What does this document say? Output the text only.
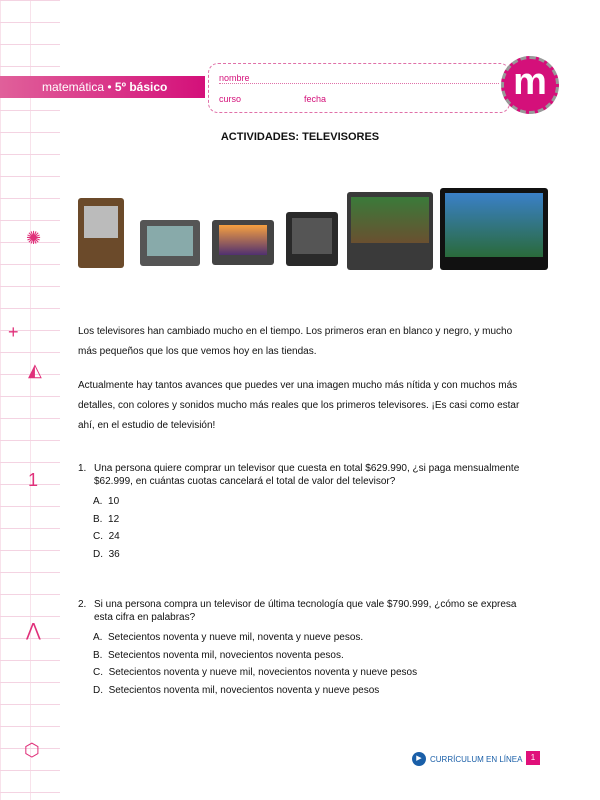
✺
+
◭
1
⋀
⬡
matemática • 5º básico
nombre
curso	fecha	m
ACTIVIDADES: TELEVISORES
Los televisores han cambiado mucho en el tiempo. Los primeros eran en blanco y negro, y mucho más pequeños que los que vemos hoy en las tiendas.
Actualmente hay tantos avances que puedes ver una imagen mucho más nítida y con muchos más detalles, con colores y sonidos mucho más reales que los primeros televisores. ¡Es casi como estar ahí, en el estudio de televisión!
1. Una persona quiere comprar un televisor que cuesta en total $629.990, ¿si paga mensualmente $62.999, en cuántas cuotas cancelará el total de valor del televisor?
A. 10
B. 12
C. 24
D. 36
2. Si una persona compra un televisor de última tecnología que vale $790.999, ¿cómo se expresa esta cifra en palabras?
A. Setecientos noventa y nueve mil, noventa y nueve pesos.
B. Setecientos noventa mil, novecientos noventa pesos.
C. Setecientos noventa y nueve mil, novecientos noventa y nueve pesos
D. Setecientos noventa mil, novecientos noventa y nueve pesos
▶	CURRÍCULUM EN LÍNEA	1
